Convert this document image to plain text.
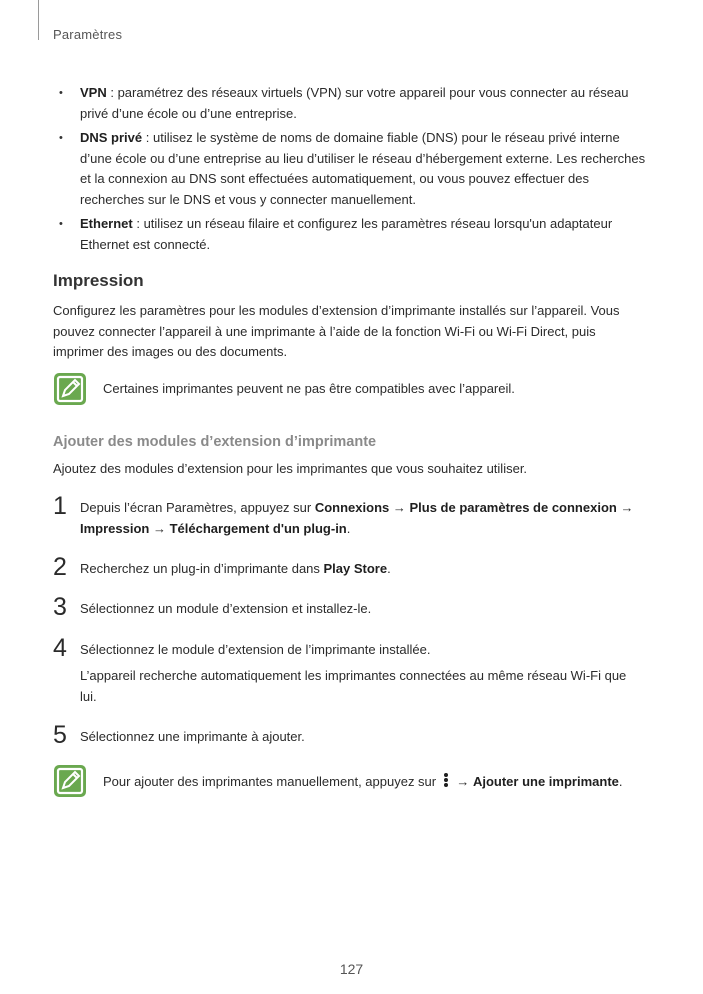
Paramètres
• VPN : paramétrez des réseaux virtuels (VPN) sur votre appareil pour vous connecter au réseau privé d’une école ou d’une entreprise.
• DNS privé : utilisez le système de noms de domaine fiable (DNS) pour le réseau privé interne d’une école ou d’une entreprise au lieu d’utiliser le réseau d’hébergement externe. Les recherches et la connexion au DNS sont effectuées automatiquement, ou vous pouvez effectuer des recherches sur le DNS et vous y connecter manuellement.
• Ethernet : utilisez un réseau filaire et configurez les paramètres réseau lorsqu'un adaptateur Ethernet est connecté.
Impression
Configurez les paramètres pour les modules d’extension d’imprimante installés sur l’appareil. Vous pouvez connecter l’appareil à une imprimante à l’aide de la fonction Wi-Fi ou Wi-Fi Direct, puis imprimer des images ou des documents.
Certaines imprimantes peuvent ne pas être compatibles avec l’appareil.
Ajouter des modules d’extension d’imprimante
Ajoutez des modules d’extension pour les imprimantes que vous souhaitez utiliser.
1 Depuis l’écran Paramètres, appuyez sur Connexions → Plus de paramètres de connexion → Impression → Téléchargement d'un plug-in.
2 Recherchez un plug-in d’imprimante dans Play Store.
3 Sélectionnez un module d’extension et installez-le.
4 Sélectionnez le module d’extension de l’imprimante installée.
L’appareil recherche automatiquement les imprimantes connectées au même réseau Wi-Fi que lui.
5 Sélectionnez une imprimante à ajouter.
Pour ajouter des imprimantes manuellement, appuyez sur
→ Ajouter une imprimante.
127
